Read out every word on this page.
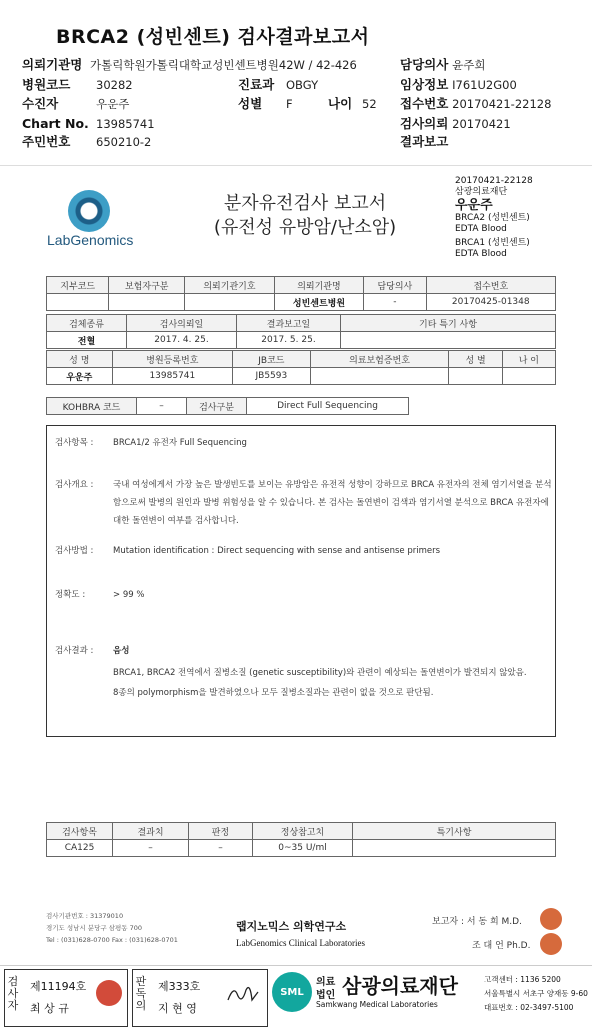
BRCA2 (성빈센트) 검사결과보고서
의뢰기관명 가톨릭학원가톨릭대학교성빈센트병원42W / 42-426
병원코드 30282	진료과 OBGY
수진자	우운주	성별 F	나이 52
Chart No. 13985741
주민번호 650210-2
담당의사 윤주희
임상정보 I761U2G00
접수번호 20170421-22128
검사의뢰 20170421
결과보고
LabGenomics
분자유전검사 보고서
(유전성 유방암/난소암)
20170421-22128
삼광의료재단
우운주
BRCA2 (성빈센트)
EDTA Blood
BRCA1 (성빈센트)
EDTA Blood
지부코드	보험자구분	의뢰기관기호	의뢰기관명	담당의사	접수번호
			성빈센트병원	-	20170425-01348
검체종류	검사의뢰일	결과보고일	기타 특기 사항
전혈	2017. 4. 25.	2017. 5. 25.	
성 명	병원등록번호	JB코드	의료보험증번호	성 별	나 이
우운주	13985741	JB5593			
KOHBRA 코드	–	검사구분	Direct Full Sequencing
검사항목 :	BRCA1/2 유전자 Full Sequencing
검사개요 :	국내 여성에게서 가장 높은 발생빈도를 보이는 유방암은 유전적 성향이 강하므로 BRCA 유전자의 전체 염기서열을 분석함으로써 발병의 원인과 발병 위험성을 알 수 있습니다. 본 검사는 돌연변이 검색과 염기서열 분석으로 BRCA 유전자에 대한 돌연변이 여부를 검사합니다.
검사방법 :	Mutation identification : Direct sequencing with sense and antisense primers
정확도 :	> 99 %
검사결과 :	음성
BRCA1, BRCA2 전역에서 질병소질 (genetic susceptibility)와 관련이 예상되는 돌연변이가 발견되지 않았음.
8종의 polymorphism을 발견하였으나 모두 질병소질과는 관련이 없을 것으로 판단됨.
검사항목	결과치	판정	정상참고치	특기사항
CA125	–	–	0~35 U/ml	
검사기관번호 : 31379010
경기도 성남시 분당구 삼평동 700
Tel : (031)628-0700 Fax : (031)628-0701
랩지노믹스 의학연구소
LabGenomics Clinical Laboratories
보고자 : 서 동 희 M.D.
조 대 언 Ph.D.
검사자
제11194호
최 상 규
판독의
제333호
지 현 영
SML
의료
법인 삼광의료재단
Samkwang Medical Laboratories
고객센터 : 1136 5200
서울특별시 서초구 양재동 9-60
대표번호 : 02-3497-5100
